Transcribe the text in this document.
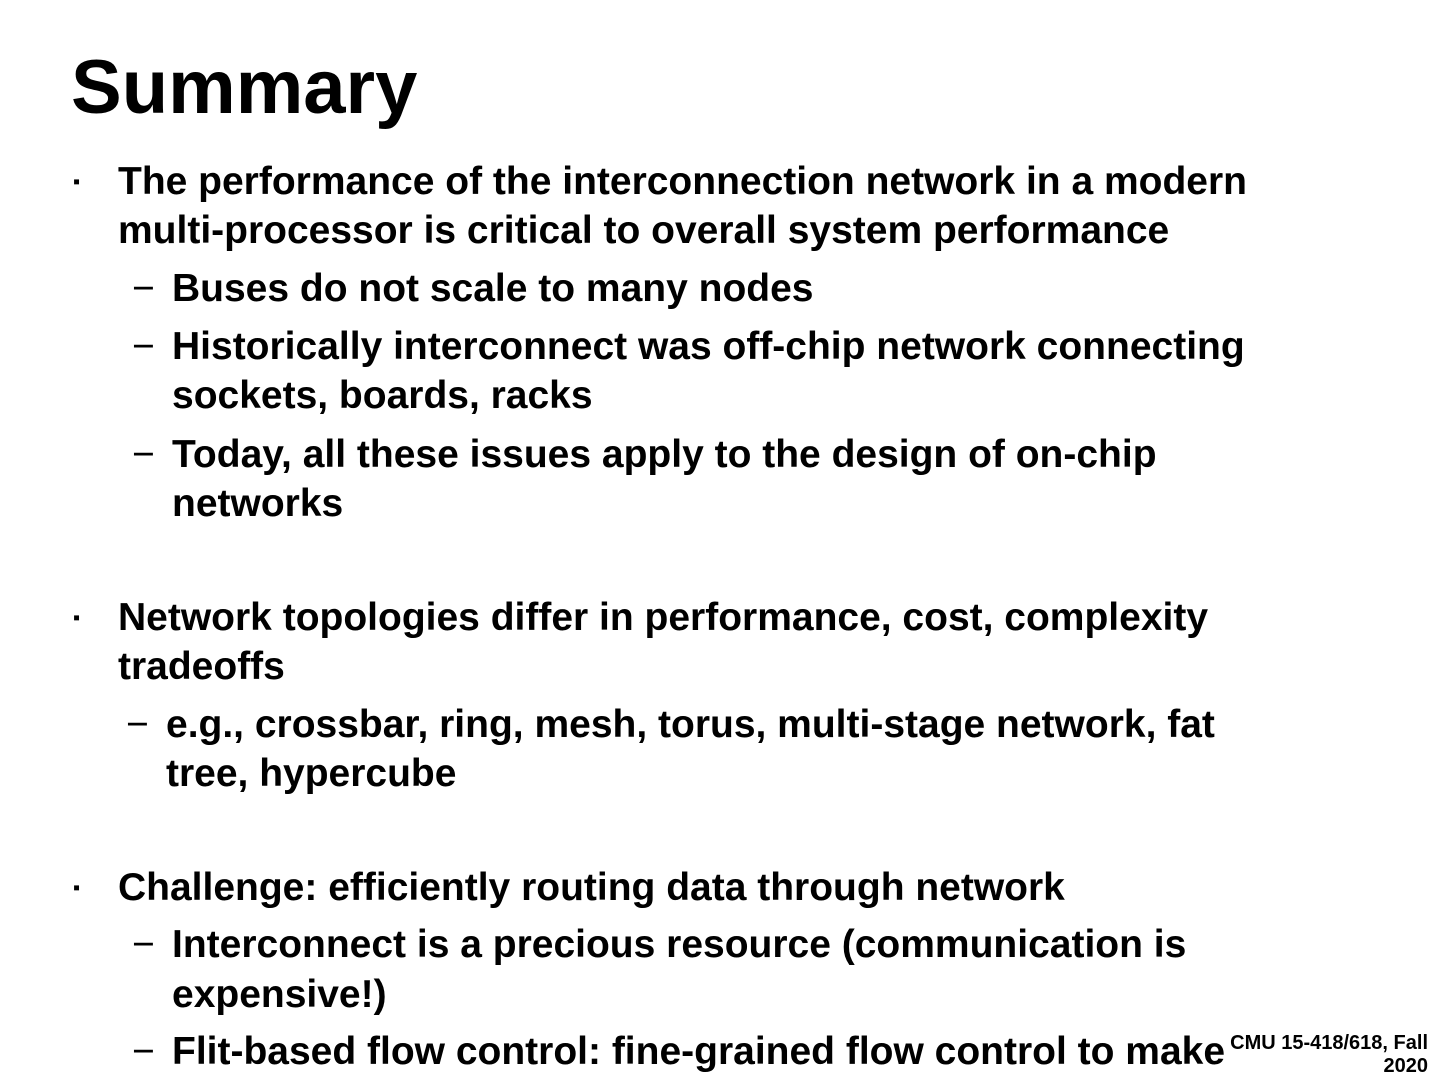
Summary
▪ The performance of the interconnection network in a modern

multi-processor is critical to overall system performance

− Buses do not scale to many nodes

− Historically interconnect was off-chip network connecting

sockets, boards, racks

− Today, all these issues apply to the design of on-chip

networks

▪ Network topologies differ in performance, cost, complexity

tradeoffs

− e.g., crossbar, ring, mesh, torus, multi-stage network, fat

tree, hypercube

▪ Challenge: efficiently routing data through network

− Interconnect is a precious resource (communication is

expensive!)

− Flit-based flow control: fine-grained flow control to make CMU 15-418/618, Fall
2020
